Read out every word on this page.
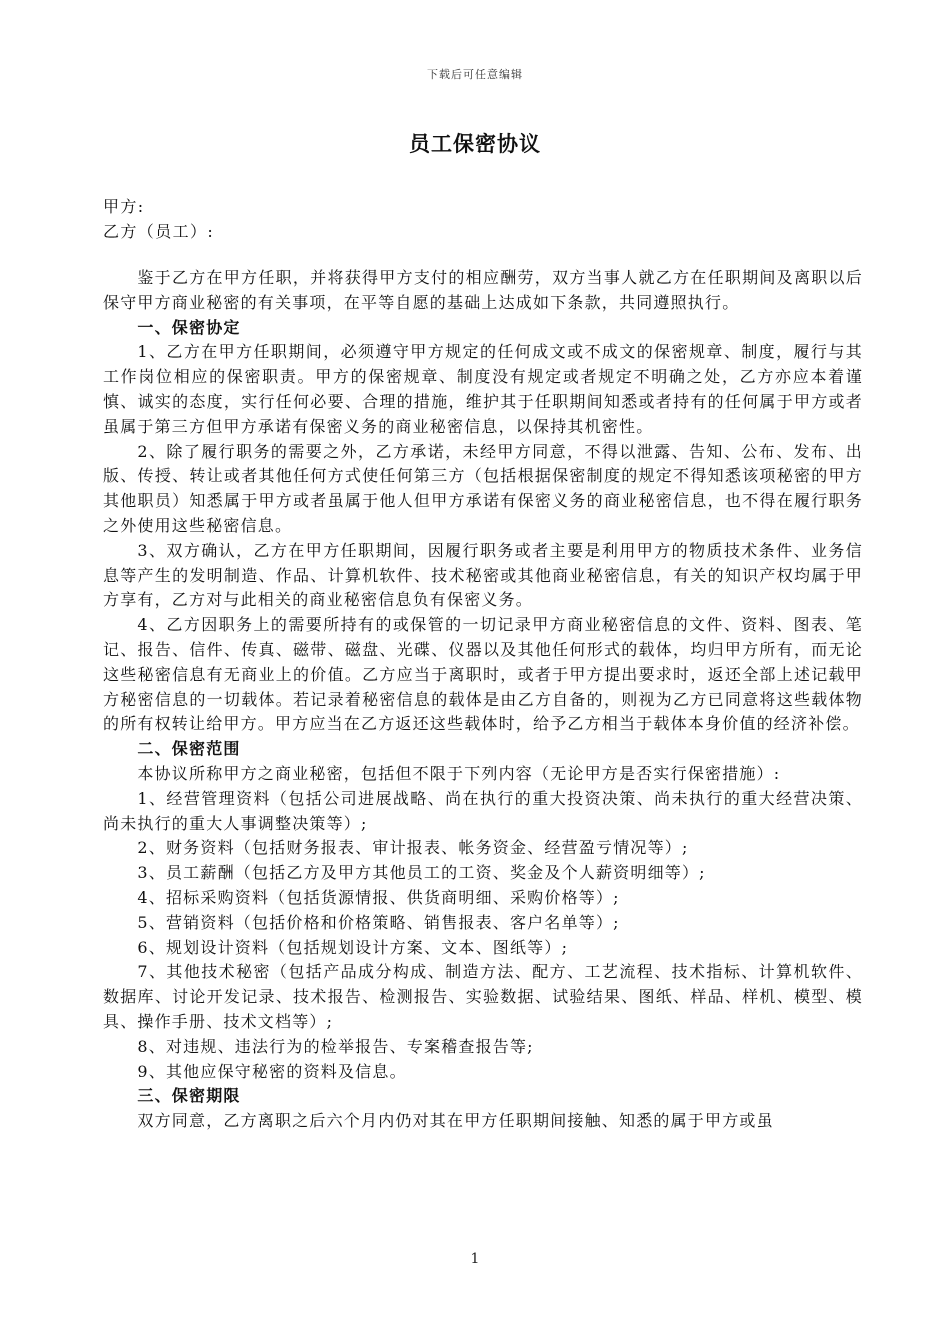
下载后可任意编辑
员工保密协议
甲方:
乙方（员工）:

鉴于乙方在甲方任职，并将获得甲方支付的相应酬劳，双方当事人就乙方在任职期间及离职以后保守甲方商业秘密的有关事项，在平等自愿的基础上达成如下条款，共同遵照执行。

一、保密协定

1、乙方在甲方任职期间，必须遵守甲方规定的任何成文或不成文的保密规章、制度，履行与其工作岗位相应的保密职责。甲方的保密规章、制度没有规定或者规定不明确之处，乙方亦应本着谨慎、诚实的态度，实行任何必要、合理的措施，维护其于任职期间知悉或者持有的任何属于甲方或者虽属于第三方但甲方承诺有保密义务的商业秘密信息，以保持其机密性。

2、除了履行职务的需要之外，乙方承诺，未经甲方同意，不得以泄露、告知、公布、发布、出版、传授、转让或者其他任何方式使任何第三方（包括根据保密制度的规定不得知悉该项秘密的甲方其他职员）知悉属于甲方或者虽属于他人但甲方承诺有保密义务的商业秘密信息，也不得在履行职务之外使用这些秘密信息。

3、双方确认，乙方在甲方任职期间，因履行职务或者主要是利用甲方的物质技术条件、业务信息等产生的发明制造、作品、计算机软件、技术秘密或其他商业秘密信息，有关的知识产权均属于甲方享有，乙方对与此相关的商业秘密信息负有保密义务。

4、乙方因职务上的需要所持有的或保管的一切记录甲方商业秘密信息的文件、资料、图表、笔记、报告、信件、传真、磁带、磁盘、光碟、仪器以及其他任何形式的载体，均归甲方所有，而无论这些秘密信息有无商业上的价值。乙方应当于离职时，或者于甲方提出要求时，返还全部上述记载甲方秘密信息的一切载体。若记录着秘密信息的载体是由乙方自备的，则视为乙方已同意将这些载体物的所有权转让给甲方。甲方应当在乙方返还这些载体时，给予乙方相当于载体本身价值的经济补偿。

二、保密范围

本协议所称甲方之商业秘密，包括但不限于下列内容（无论甲方是否实行保密措施）:

1、经营管理资料（包括公司进展战略、尚在执行的重大投资决策、尚未执行的重大经营决策、尚未执行的重大人事调整决策等）;

2、财务资料（包括财务报表、审计报表、帐务资金、经营盈亏情况等）;

3、员工薪酬（包括乙方及甲方其他员工的工资、奖金及个人薪资明细等）;

4、招标采购资料（包括货源情报、供货商明细、采购价格等）;

5、营销资料（包括价格和价格策略、销售报表、客户名单等）;

6、规划设计资料（包括规划设计方案、文本、图纸等）;

7、其他技术秘密（包括产品成分构成、制造方法、配方、工艺流程、技术指标、计算机软件、数据库、讨论开发记录、技术报告、检测报告、实验数据、试验结果、图纸、样品、样机、模型、模具、操作手册、技术文档等）;

8、对违规、违法行为的检举报告、专案稽查报告等;

9、其他应保守秘密的资料及信息。

三、保密期限

双方同意，乙方离职之后六个月内仍对其在甲方任职期间接触、知悉的属于甲方或虽

1
